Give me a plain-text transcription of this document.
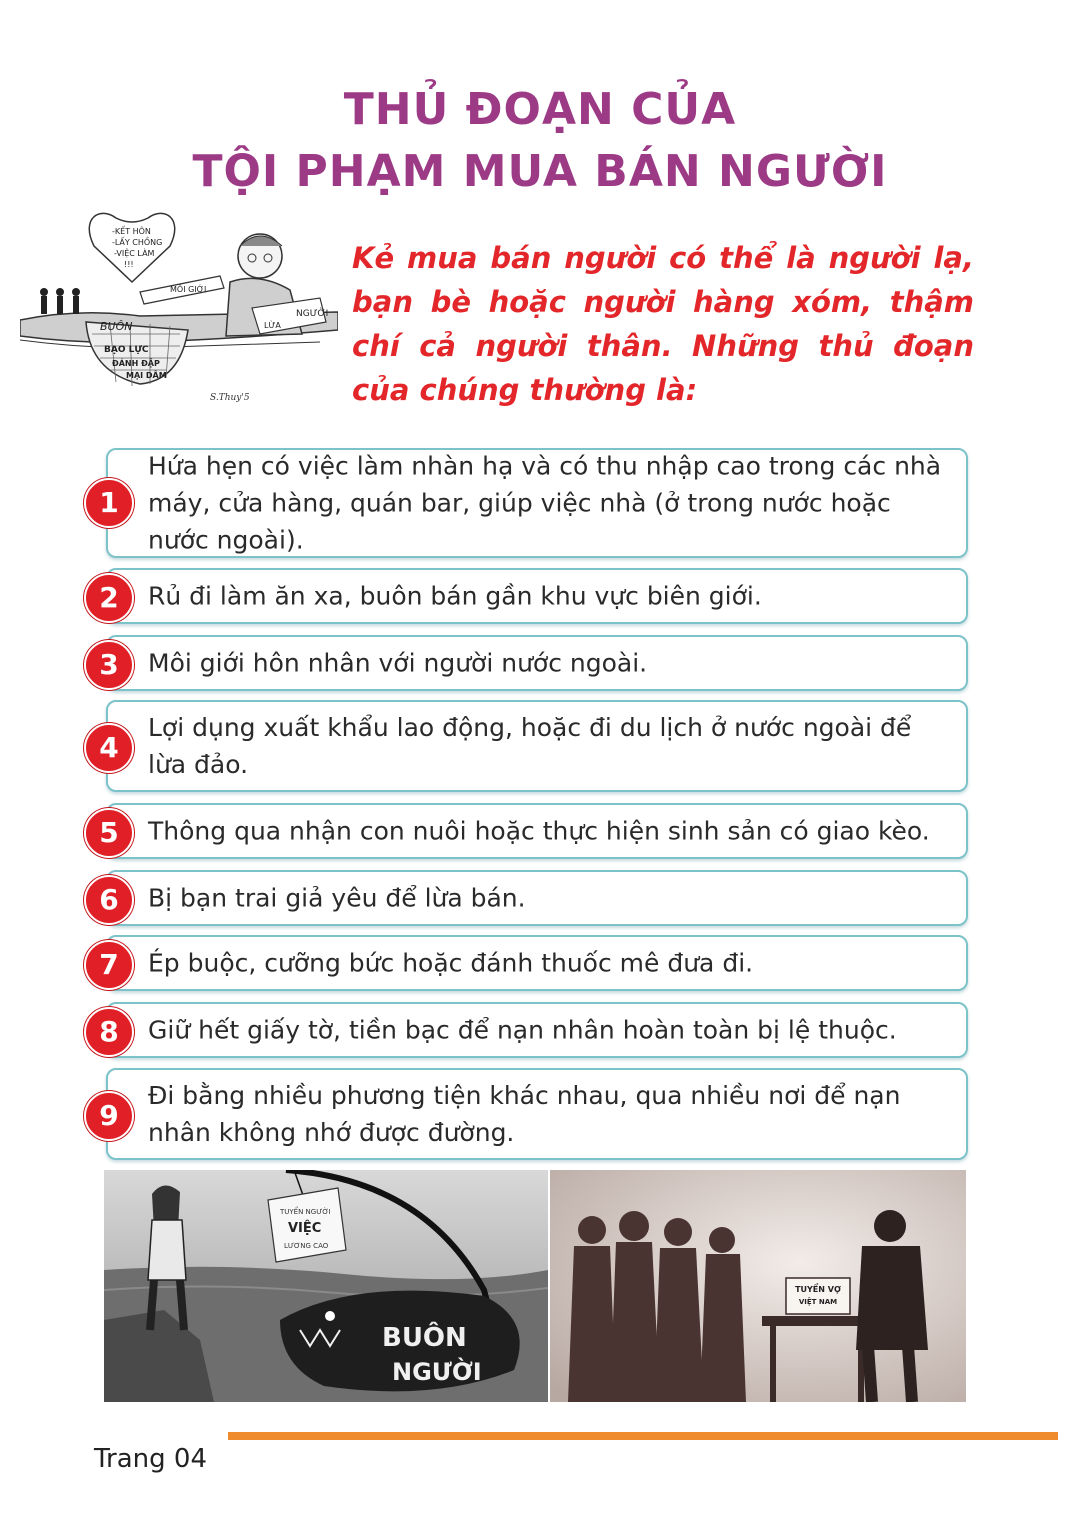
THỦ ĐOẠN CỦA
TỘI PHẠM MUA BÁN NGƯỜI
BUÔN
BẠO LỰC
ĐÁNH ĐẬP
MẠI DÂM
-KẾT HÔN
-LẤY CHỒNG
-VIỆC LÀM
!!!
MÔI GIỚI
NGƯỜI
LỪA
S.Thuy'5

Kẻ mua bán người có thể là người lạ, bạn bè hoặc người hàng xóm, thậm chí cả người thân. Những thủ đoạn của chúng thường là:

Hứa hẹn có việc làm nhàn hạ và có thu nhập cao trong các nhà máy, cửa hàng, quán bar, giúp việc nhà (ở trong nước hoặc nước ngoài).
1
Rủ đi làm ăn xa, buôn bán gần khu vực biên giới.
2
Môi giới hôn nhân với người nước ngoài.
3
Lợi dụng xuất khẩu lao động, hoặc đi du lịch ở nước ngoài để lừa đảo.
4
Thông qua nhận con nuôi hoặc thực hiện sinh sản có giao kèo.
5
Bị bạn trai giả yêu để lừa bán.
6
Ép buộc, cưỡng bức hoặc đánh thuốc mê đưa đi.
7
Giữ hết giấy tờ, tiền bạc để nạn nhân hoàn toàn bị lệ thuộc.
8
Đi bằng nhiều phương tiện khác nhau, qua nhiều nơi để nạn nhân không nhớ được đường.
9
TUYỂN NGƯỜI
VIỆC
LƯƠNG CAO
BUÔN
NGƯỜI
TUYỂN VỢ
VIỆT NAM

Trang 04
